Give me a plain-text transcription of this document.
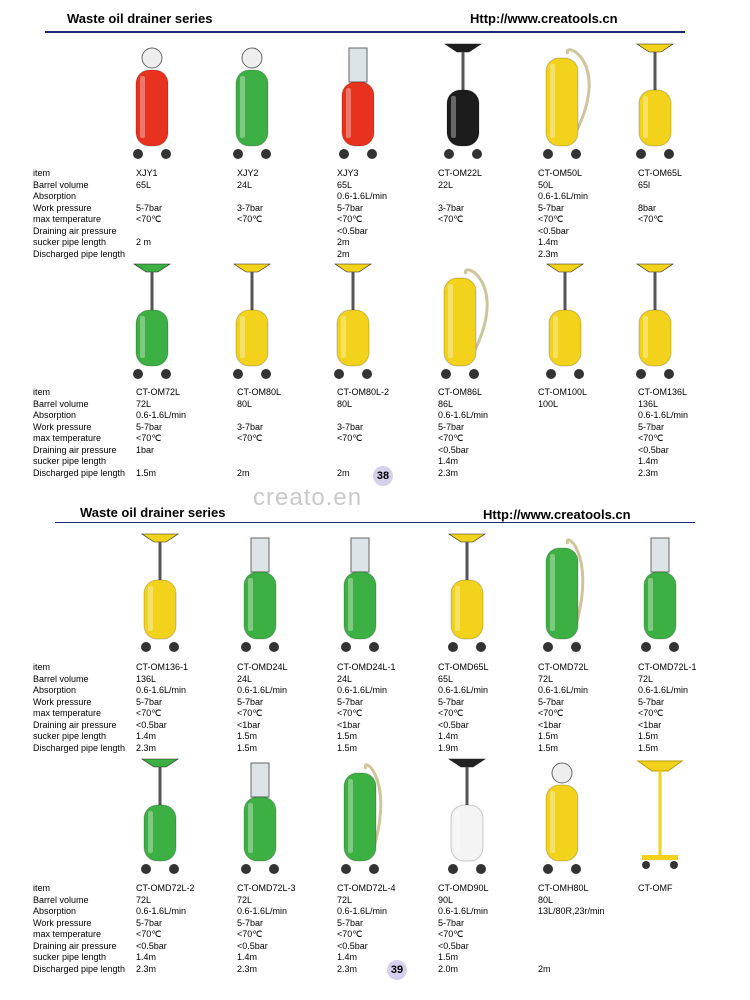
Waste oil drainer series	Http://www.creatools.cn
item
Barrel volume
Absorption
Work pressure
max temperature
Draining air pressure
sucker pipe length
Discharged pipe length
XJY1
65L
5-7bar
<70℃
2 m
XJY2
24L
3-7bar
<70℃
XJY3
65L
0.6-1.6L/min
5-7bar
<70℃
<0.5bar
2m
2m
CT-OM22L
22L
3-7bar
<70℃
CT-OM50L
50L
0.6-1.6L/min
5-7bar
<70℃
<0.5bar
1.4m
2.3m
CT-OM65L
65l
8bar
<70℃
item
Barrel volume
Absorption
Work pressure
max temperature
Draining air pressure
sucker pipe length
Discharged pipe length
CT-OM72L
72L
0.6-1.6L/min
5-7bar
<70℃
1bar
1.5m
CT-OM80L
80L
3-7bar
<70℃
2m
CT-OM80L-2
80L
3-7bar
<70℃
2m
CT-OM86L
86L
0.6-1.6L/min
5-7bar
<70℃
<0.5bar
1.4m
2.3m
CT-OM100L
100L
CT-OM136L
136L
0.6-1.6L/min
5-7bar
<70℃
<0.5bar
1.4m
2.3m
38
creato.en
Waste oil drainer series	Http://www.creatools.cn
item
Barrel volume
Absorption
Work pressure
max temperature
Draining air pressure
sucker pipe length
Discharged pipe length
CT-OM136-1
136L
0.6-1.6L/min
5-7bar
<70℃
<0.5bar
1.4m
2.3m
CT-OMD24L
24L
0.6-1.6L/min
5-7bar
<70℃
<1bar
1.5m
1.5m
CT-OMD24L-1
24L
0.6-1.6L/min
5-7bar
<70℃
<1bar
1.5m
1.5m
CT-OMD65L
65L
0.6-1.6L/min
5-7bar
<70℃
<0.5bar
1.4m
1.9m
CT-OMD72L
72L
0.6-1.6L/min
5-7bar
<70℃
<1bar
1.5m
1.5m
CT-OMD72L-1
72L
0.6-1.6L/min
5-7bar
<70℃
<1bar
1.5m
1.5m
item
Barrel volume
Absorption
Work pressure
max temperature
Draining air pressure
sucker pipe length
Discharged pipe length
CT-OMD72L-2
72L
0.6-1.6L/min
5-7bar
<70℃
<0.5bar
1.4m
2.3m
CT-OMD72L-3
72L
0.6-1.6L/min
5-7bar
<70℃
<0.5bar
1.4m
2.3m
CT-OMD72L-4
72L
0.6-1.6L/min
5-7bar
<70℃
<0.5bar
1.4m
2.3m
CT-OMD90L
90L
0.6-1.6L/min
5-7bar
<70℃
<0.5bar
1.5m
2.0m
CT-OMH80L
80L
13L/80R,23r/min
2m
CT-OMF
39
